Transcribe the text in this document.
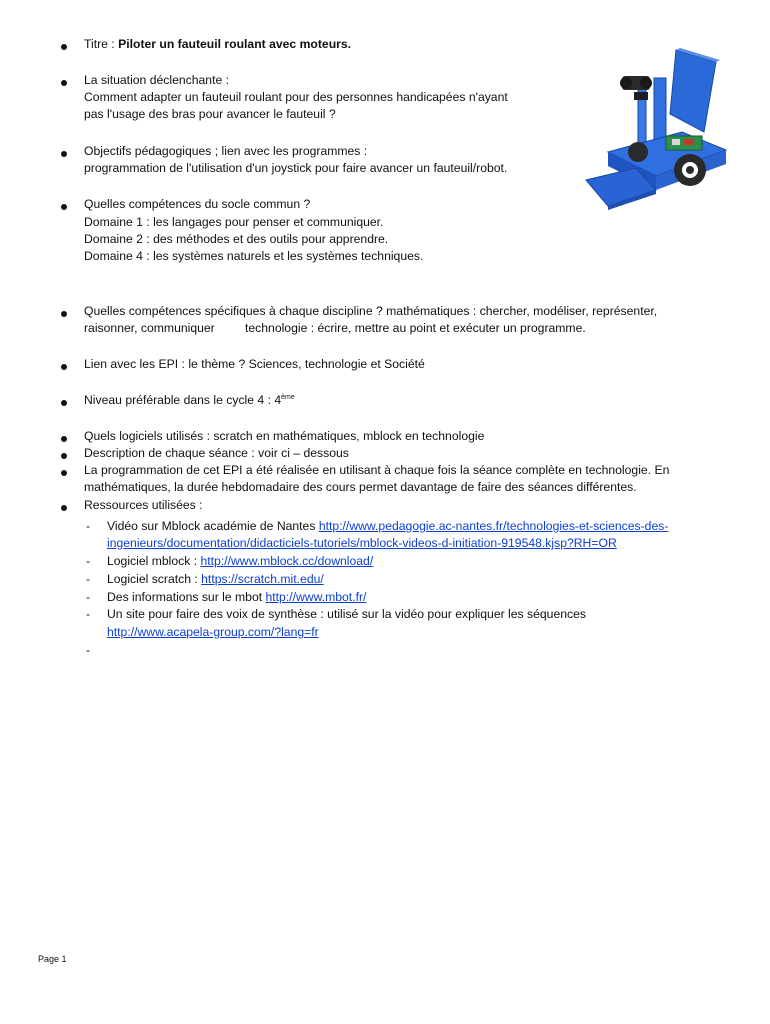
Titre : Piloter un fauteuil roulant avec moteurs.
La situation déclenchante :
Comment adapter un fauteuil roulant pour des personnes handicapées n'ayant
pas l'usage des bras pour avancer le fauteuil ?
Objectifs pédagogiques ; lien avec les programmes :
programmation de l'utilisation d'un joystick pour faire avancer un fauteuil/robot.
Quelles compétences du socle commun ?
Domaine 1 : les langages pour penser et communiquer.
Domaine 2 : des méthodes et des outils pour apprendre.
Domaine 4 : les systèmes naturels et les systèmes techniques.
Quelles compétences spécifiques à chaque discipline ? mathématiques : chercher, modéliser, représenter,
raisonner, communiquer technologie : écrire, mettre au point et exécuter un programme.
Lien avec les EPI : le thème ? Sciences, technologie et Société
Niveau préférable dans le cycle 4 : 4ème
Quels logiciels utilisés : scratch en mathématiques, mblock en technologie
Description de chaque séance : voir ci – dessous
La programmation de cet EPI a été réalisée en utilisant à chaque fois la séance complète en technologie. En
mathématiques, la durée hebdomadaire des cours permet davantage de faire des séances différentes.
Ressources utilisées :
- Vidéo sur Mblock académie de Nantes http://www.pedagogie.ac-nantes.fr/technologies-et-sciences-des-
ingenieurs/documentation/didacticiels-tutoriels/mblock-videos-d-initiation-919548.kjsp?RH=OR
- Logiciel mblock : http://www.mblock.cc/download/
- Logiciel scratch : https://scratch.mit.edu/
- Des informations sur le mbot http://www.mbot.fr/
- Un site pour faire des voix de synthèse : utilisé sur la vidéo pour expliquer les séquences
http://www.acapela-group.com/?lang=fr
-
Page 1
